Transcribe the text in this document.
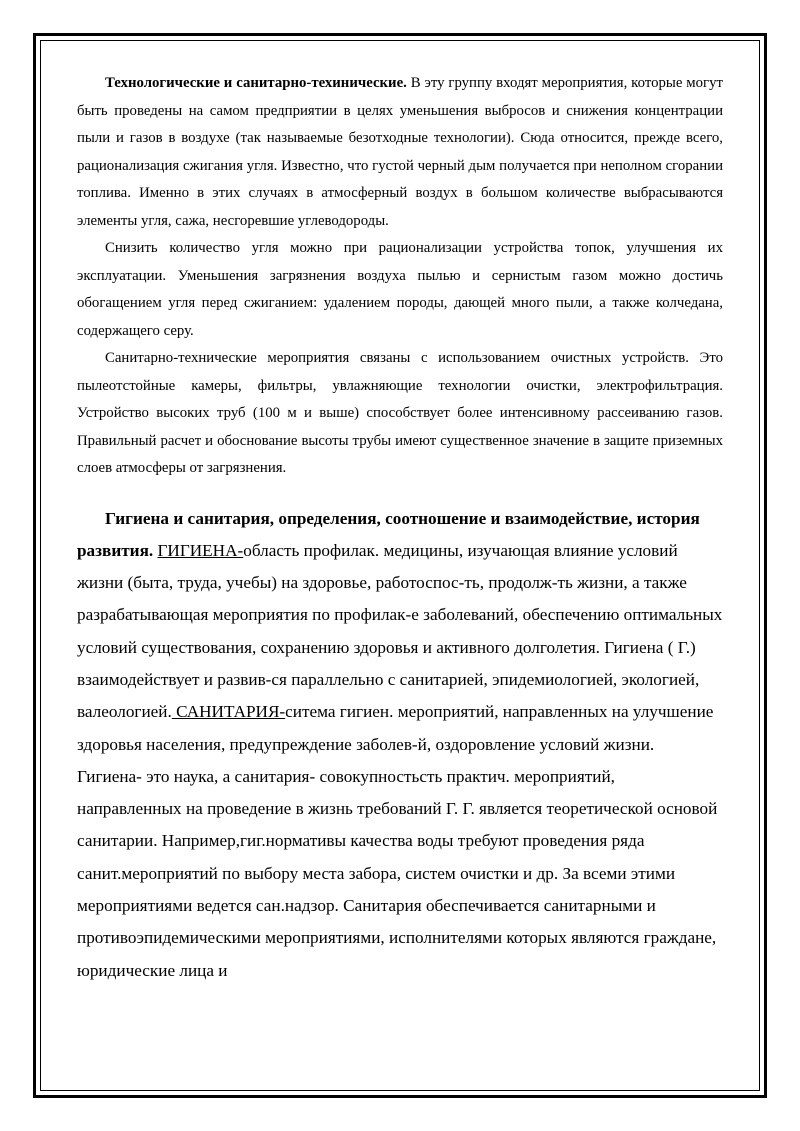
Технологические и санитарно-техинические. В эту группу входят мероприятия, которые могут быть проведены на самом предприятии в целях уменьшения выбросов и снижения концентрации пыли и газов в воздухе (так называемые безотходные технологии). Сюда относится, прежде всего, рационализация сжигания угля. Известно, что густой черный дым получается при неполном сгорании топлива. Именно в этих случаях в атмосферный воздух в большом количестве выбрасываются элементы угля, сажа, несгоревшие углеводороды.

Снизить количество угля можно при рационализации устройства топок, улучшения их эксплуатации. Уменьшения загрязнения воздуха пылью и сернистым газом можно достичь обогащением угля перед сжиганием: удалением породы, дающей много пыли, а также колчедана, содержащего серу.

Санитарно-технические мероприятия связаны с использованием очистных устройств. Это пылеотстойные камеры, фильтры, увлажняющие технологии очистки, электрофильтрация. Устройство высоких труб (100 м и выше) способствует более интенсивному рассеиванию газов. Правильный расчет и обоснование высоты трубы имеют существенное значение в защите приземных слоев атмосферы от загрязнения.

Гигиена и санитария, определения, соотношение и взаимодействие, история развития. ГИГИЕНА-область профилак. медицины, изучающая влияние условий жизни (быта, труда, учебы) на здоровье, работоспос-ть, продолж-ть жизни, а также разрабатывающая мероприятия по профилак-е заболеваний, обеспечению оптимальных условий существования, сохранению здоровья и активного долголетия. Гигиена ( Г.) взаимодействует и развив-ся параллельно с санитарией, эпидемиологией, экологией, валеологией. САНИТАРИЯ-ситема гигиен. мероприятий, направленных на улучшение здоровья населения, предупреждение заболев-й, оздоровление условий жизни. Гигиена- это наука, а санитария- совокупностьсть практич. мероприятий, направленных на проведение в жизнь требований Г. Г. является теоретической основой санитарии. Например,гиг.нормативы качества воды требуют проведения ряда санит.мероприятий по выбору места забора, систем очистки и др. За всеми этими мероприятиями ведется сан.надзор. Санитария обеспечивается санитарными и противоэпидемическими мероприятиями, исполнителями которых являются граждане, юридические лица и
